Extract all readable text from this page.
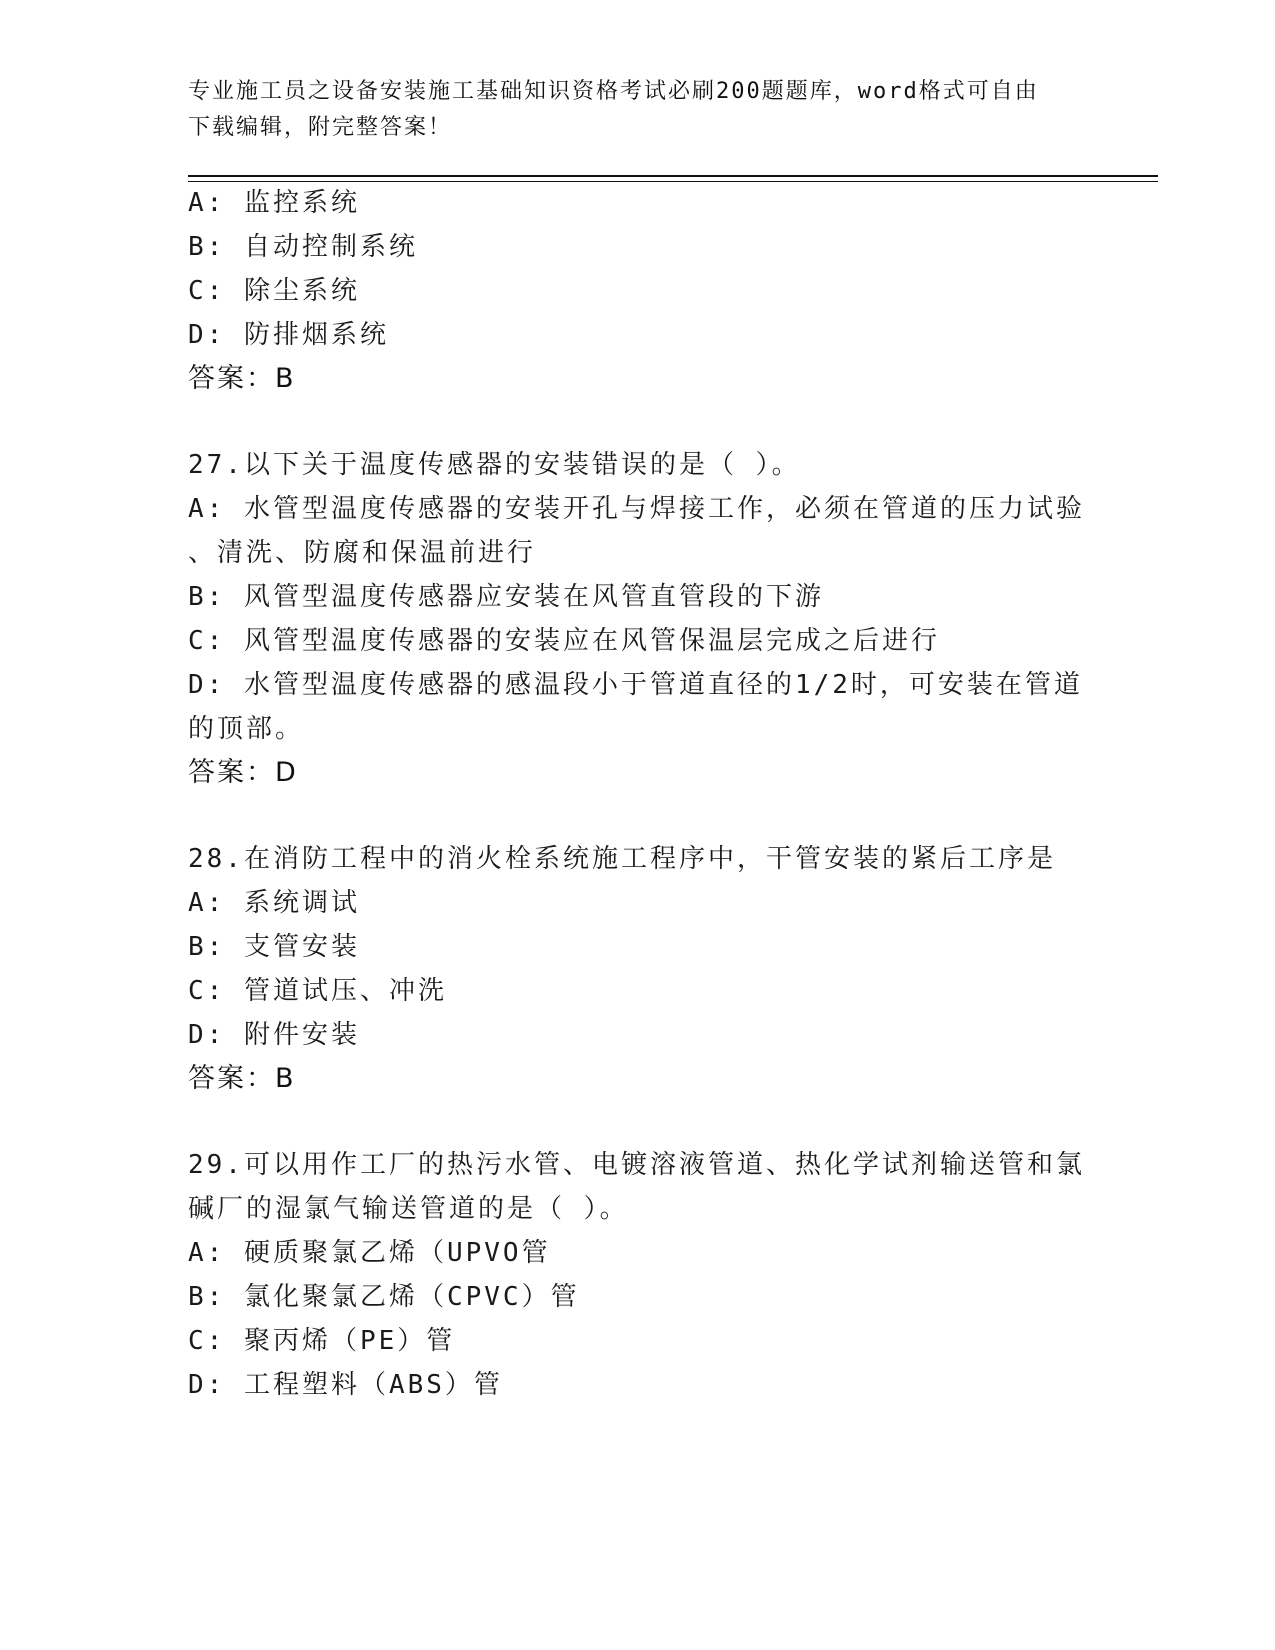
专业施工员之设备安装施工基础知识资格考试必刷200题题库，word格式可自由
下载编辑，附完整答案！
A: 监控系统
B: 自动控制系统
C: 除尘系统
D: 防排烟系统
答案：B
27.以下关于温度传感器的安装错误的是（ ）。
A: 水管型温度传感器的安装开孔与焊接工作，必须在管道的压力试验
、清洗、防腐和保温前进行
B: 风管型温度传感器应安装在风管直管段的下游
C: 风管型温度传感器的安装应在风管保温层完成之后进行
D: 水管型温度传感器的感温段小于管道直径的1/2时，可安装在管道
的顶部。
答案：D
28.在消防工程中的消火栓系统施工程序中，干管安装的紧后工序是
A: 系统调试
B: 支管安装
C: 管道试压、冲洗
D: 附件安装
答案：B
29.可以用作工厂的热污水管、电镀溶液管道、热化学试剂输送管和氯
碱厂的湿氯气输送管道的是（ ）。
A: 硬质聚氯乙烯（UPVO管
B: 氯化聚氯乙烯（CPVC）管
C: 聚丙烯（PE）管
D: 工程塑料（ABS）管
